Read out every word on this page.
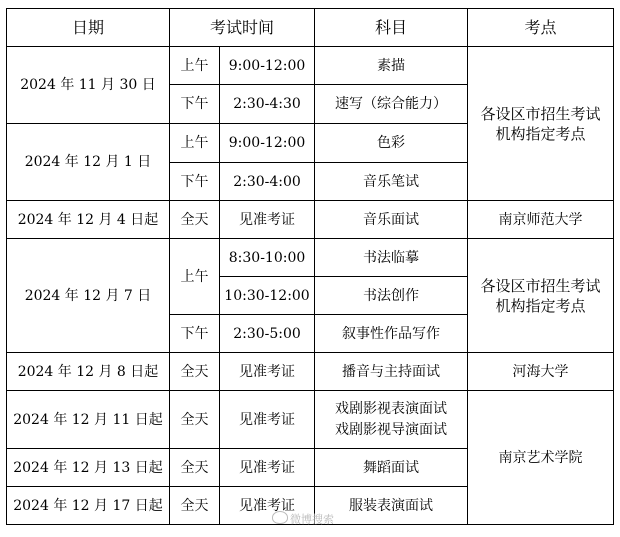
日期	考试时间		科目	考点
2024 年 11 月 30 日	上午	9:00-12:00	素描	各设区市招生考试
机构指定考点

	下午	2:30-4:30	速写（综合能力）	
2024 年 12 月 1 日	上午	9:00-12:00	色彩	
	下午	2:30-4:00	音乐笔试	
2024 年 12 月 4 日起	全天	见准考证	音乐面试	南京师范大学
2024 年 12 月 7 日	上午	8:30-10:00	书法临摹	各设区市招生考试
机构指定考点

		10:30-12:00	书法创作	
	下午	2:30-5:00	叙事性作品写作	
2024 年 12 月 8 日起	全天	见准考证	播音与主持面试	河海大学
2024 年 12 月 11 日起	全天	见准考证	戏剧影视表演面试
戏剧影视导演面试	南京艺术学院
2024 年 12 月 13 日起	全天	见准考证	舞蹈面试	
2024 年 12 月 17 日起	全天	见准考证	服装表演面试	
微博搜索
